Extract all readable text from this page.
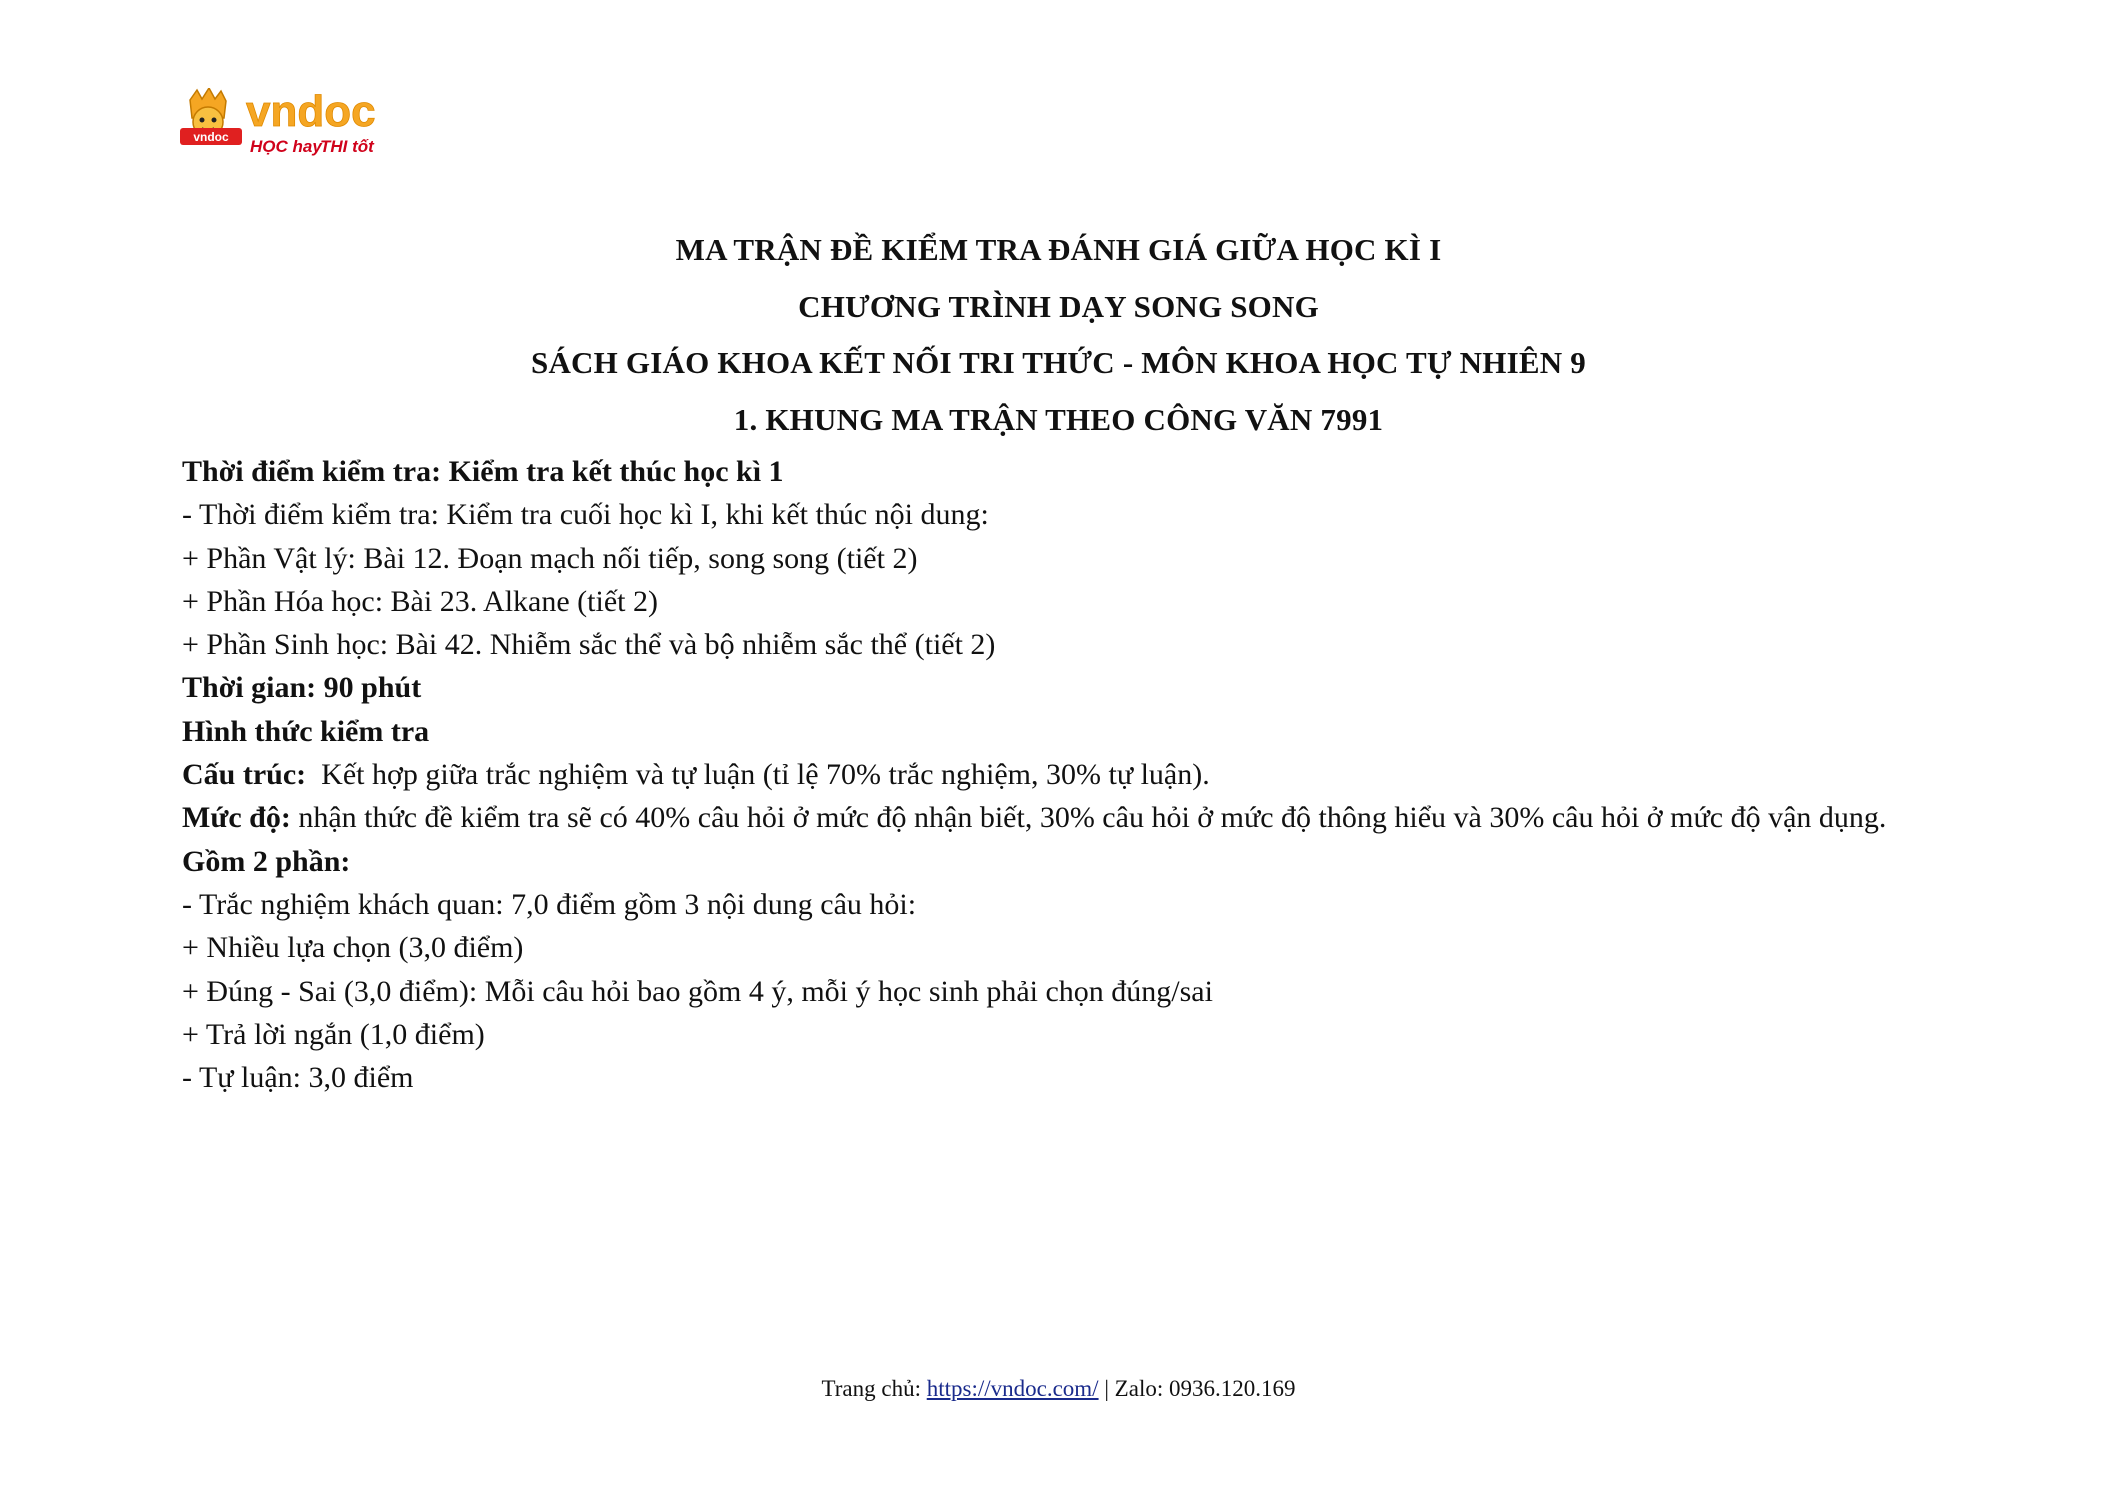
vndoc
vndoc
HỌC hay
THI tốt
MA TRẬN ĐỀ KIỂM TRA ĐÁNH GIÁ GIỮA HỌC KÌ I
CHƯƠNG TRÌNH DẠY SONG SONG
SÁCH GIÁO KHOA KẾT NỐI TRI THỨC - MÔN KHOA HỌC TỰ NHIÊN 9
1. KHUNG MA TRẬN THEO CÔNG VĂN 7991
Thời điểm kiểm tra: Kiểm tra kết thúc học kì 1
- Thời điểm kiểm tra: Kiểm tra cuối học kì I, khi kết thúc nội dung:
+ Phần Vật lý: Bài 12. Đoạn mạch nối tiếp, song song (tiết 2)
+ Phần Hóa học: Bài 23. Alkane (tiết 2)
+ Phần Sinh học: Bài 42. Nhiễm sắc thể và bộ nhiễm sắc thể (tiết 2)
Thời gian: 90 phút
Hình thức kiểm tra
Cấu trúc:  Kết hợp giữa trắc nghiệm và tự luận (tỉ lệ 70% trắc nghiệm, 30% tự luận).
Mức độ: nhận thức đề kiểm tra sẽ có 40% câu hỏi ở mức độ nhận biết, 30% câu hỏi ở mức độ thông hiểu và 30% câu hỏi ở mức độ vận dụng.
Gồm 2 phần:
- Trắc nghiệm khách quan: 7,0 điểm gồm 3 nội dung câu hỏi:
+ Nhiều lựa chọn (3,0 điểm)
+ Đúng - Sai (3,0 điểm): Mỗi câu hỏi bao gồm 4 ý, mỗi ý học sinh phải chọn đúng/sai
+ Trả lời ngắn (1,0 điểm)
- Tự luận: 3,0 điểm
Trang chủ: https://vndoc.com/ | Zalo: 0936.120.169
